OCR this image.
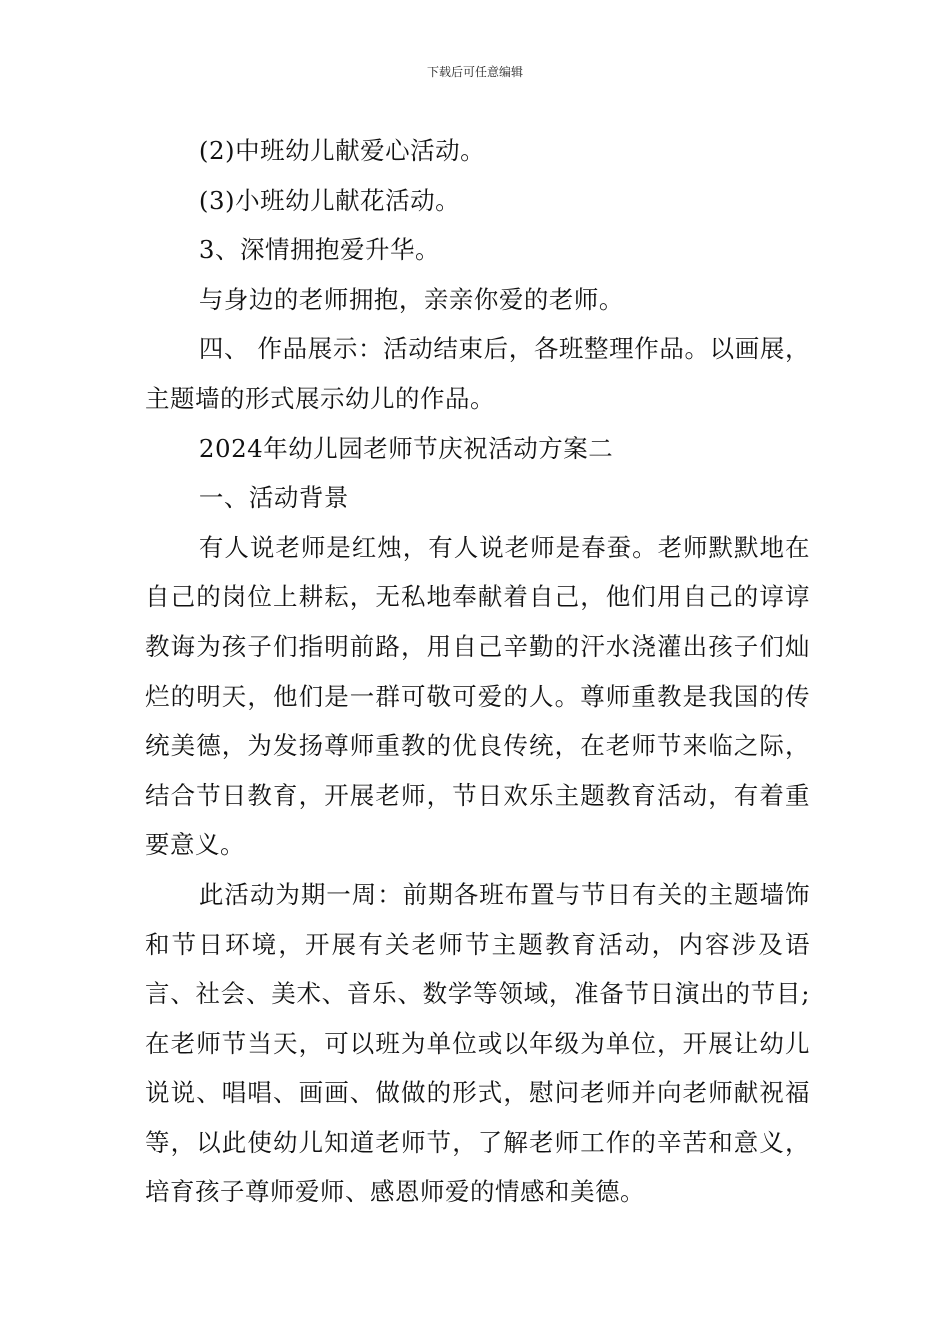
下载后可任意编辑

(2)中班幼儿献爱心活动。

(3)小班幼儿献花活动。

3、深情拥抱爱升华。

与身边的老师拥抱，亲亲你爱的老师。

四、 作品展示：活动结束后，各班整理作品。以画展，主题墙的形式展示幼儿的作品。

2024年幼儿园老师节庆祝活动方案二

一、活动背景

有人说老师是红烛，有人说老师是春蚕。老师默默地在自己的岗位上耕耘，无私地奉献着自己，他们用自己的谆谆教诲为孩子们指明前路，用自己辛勤的汗水浇灌出孩子们灿烂的明天，他们是一群可敬可爱的人。尊师重教是我国的传统美德，为发扬尊师重教的优良传统，在老师节来临之际，结合节日教育，开展老师，节日欢乐主题教育活动，有着重要意义。

此活动为期一周：前期各班布置与节日有关的主题墙饰和节日环境，开展有关老师节主题教育活动，内容涉及语言、社会、美术、音乐、数学等领域，准备节日演出的节目;在老师节当天，可以班为单位或以年级为单位，开展让幼儿说说、唱唱、画画、做做的形式，慰问老师并向老师献祝福等，以此使幼儿知道老师节，了解老师工作的辛苦和意义，培育孩子尊师爱师、感恩师爱的情感和美德。
